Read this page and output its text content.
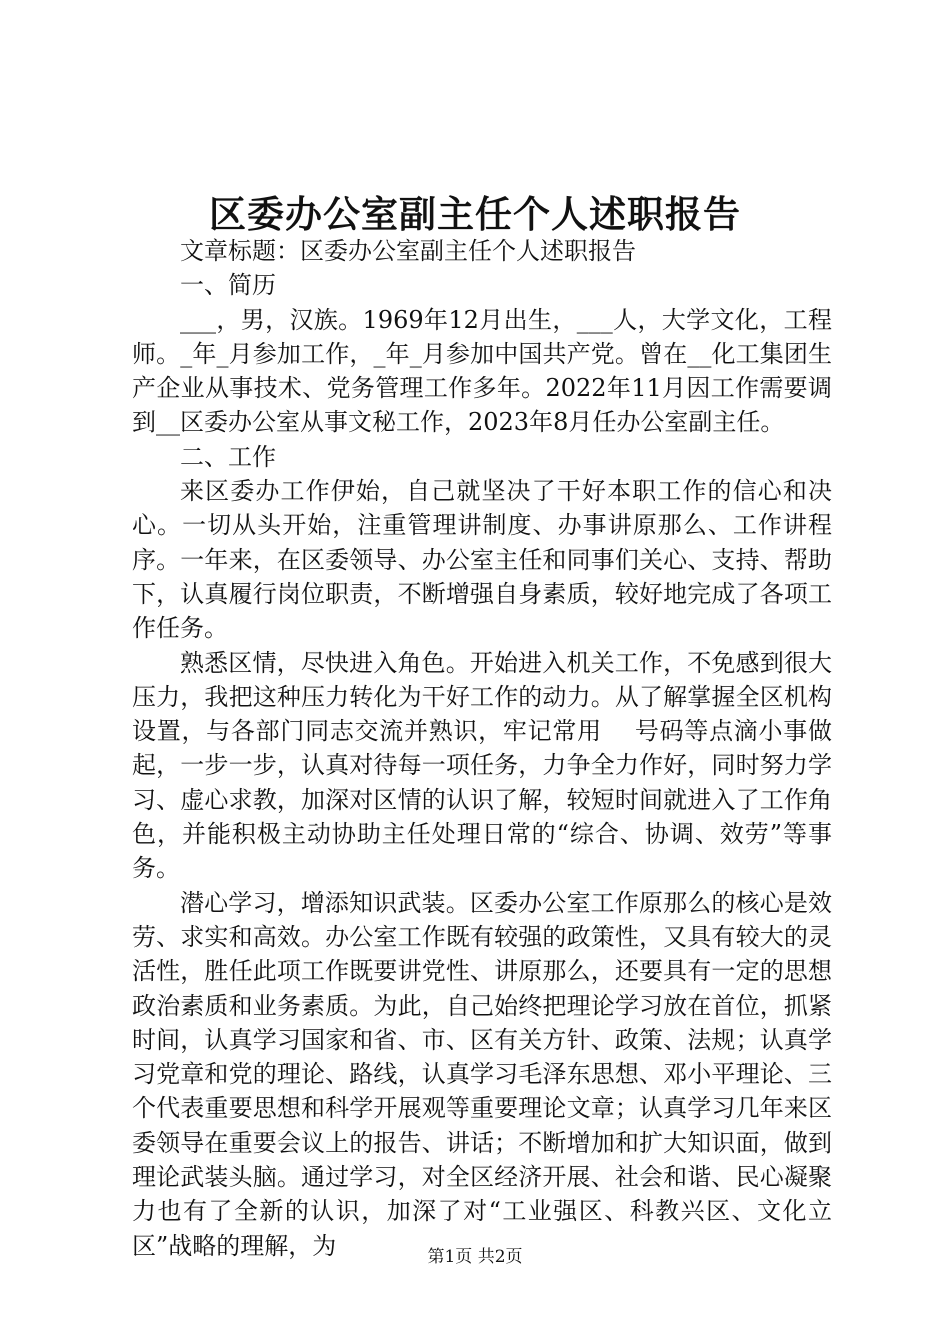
区委办公室副主任个人述职报告

文章标题：区委办公室副主任个人述职报告

一、简历

___，男，汉族。1969年12月出生，___人，大学文化，工程师。_年_月参加工作，_年_月参加中国共产党。曾在__化工集团生产企业从事技术、党务管理工作多年。2022年11月因工作需要调到__区委办公室从事文秘工作，2023年8月任办公室副主任。

二、工作

来区委办工作伊始，自己就坚决了干好本职工作的信心和决心。一切从头开始，注重管理讲制度、办事讲原那么、工作讲程序。一年来，在区委领导、办公室主任和同事们关心、支持、帮助下，认真履行岗位职责，不断增强自身素质，较好地完成了各项工作任务。

熟悉区情，尽快进入角色。开始进入机关工作，不免感到很大压力，我把这种压力转化为干好工作的动力。从了解掌握全区机构设置，与各部门同志交流并熟识，牢记常用　 号码等点滴小事做起，一步一步，认真对待每一项任务，力争全力作好，同时努力学习、虚心求教，加深对区情的认识了解，较短时间就进入了工作角色，并能积极主动协助主任处理日常的“综合、协调、效劳”等事务。

潜心学习，增添知识武装。区委办公室工作原那么的核心是效劳、求实和高效。办公室工作既有较强的政策性，又具有较大的灵活性，胜任此项工作既要讲党性、讲原那么，还要具有一定的思想政治素质和业务素质。为此，自己始终把理论学习放在首位，抓紧时间，认真学习国家和省、市、区有关方针、政策、法规；认真学习党章和党的理论、路线，认真学习毛泽东思想、邓小平理论、三个代表重要思想和科学开展观等重要理论文章；认真学习几年来区委领导在重要会议上的报告、讲话；不断增加和扩大知识面，做到理论武装头脑。通过学习，对全区经济开展、社会和谐、民心凝聚力也有了全新的认识，加深了对“工业强区、科教兴区、文化立区”战略的理解，为	第1页 共2页
